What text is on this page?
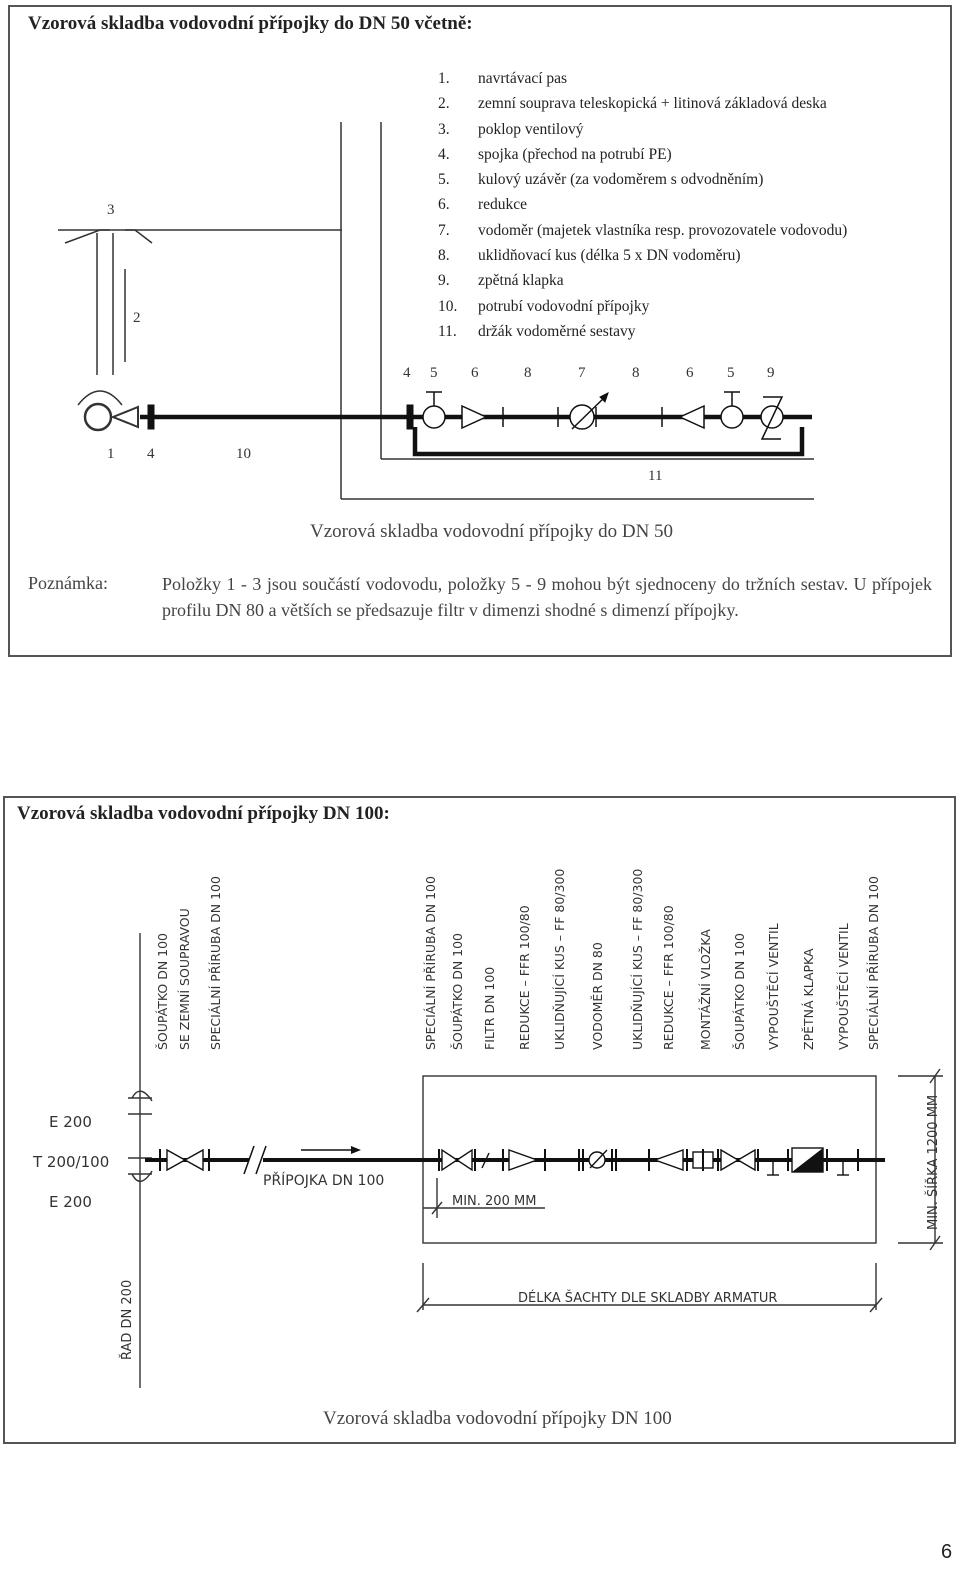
Vzorová skladba vodovodní přípojky do DN 50 včetně:
1. navrtávací pas
2. zemní souprava teleskopická + litinová základová deska
3. poklop ventilový
4. spojka (přechod na potrubí PE)
5. kulový uzávěr (za vodoměrem s odvodněním)
6. redukce
7. vodoměr (majetek vlastníka resp. provozovatele vodovodu)
8. uklidňovací kus (délka 5 x DN vodoměru)
9. zpětná klapka
10. potrubí vodovodní přípojky
11. držák vodoměrné sestavy
3
2
1 4	10
11
4 5 6	8	7	8	6 5 9
Vzorová skladba vodovodní přípojky do DN 50
Poznámka:	Položky 1 - 3 jsou součástí vodovodu, položky 5 - 9 mohou být sjednoceny do tržních sestav. U přípojek profilu DN 80 a větších se předsazuje filtr v dimenzi shodné s dimenzí přípojky.
Vzorová skladba vodovodní přípojky DN 100:
ŠOUPÁTKO DN 100 SE ZEMNÍ SOUPRAVOU SPECIÁLNÍ PŘÍRUBA DN 100	SPECIÁLNÍ PŘÍRUBA DN 100 ŠOUPÁTKO DN 100 FILTR DN 100 REDUKCE – FFR 100/80 UKLIDŇUJÍCÍ KUS – FF 80/300 VODOMĚR DN 80 UKLIDŇUJÍCÍ KUS – FF 80/300 REDUKCE – FFR 100/80 MONTÁŽNÍ VLOŽKA ŠOUPÁTKO DN 100 VYPOUŠTĚCÍ VENTIL ZPĚTNÁ KLAPKA VYPOUŠTĚCÍ VENTIL SPECIÁLNÍ PŘÍRUBA DN 100
E 200
T 200/100
E 200
PŘÍPOJKA DN 100
MIN. 200 MM	MIN. ŠÍŘKA 1200 MM
DÉLKA ŠACHTY DLE SKLADBY ARMATUR
ŘAD DN 200
Vzorová skladba vodovodní přípojky DN 100
6
